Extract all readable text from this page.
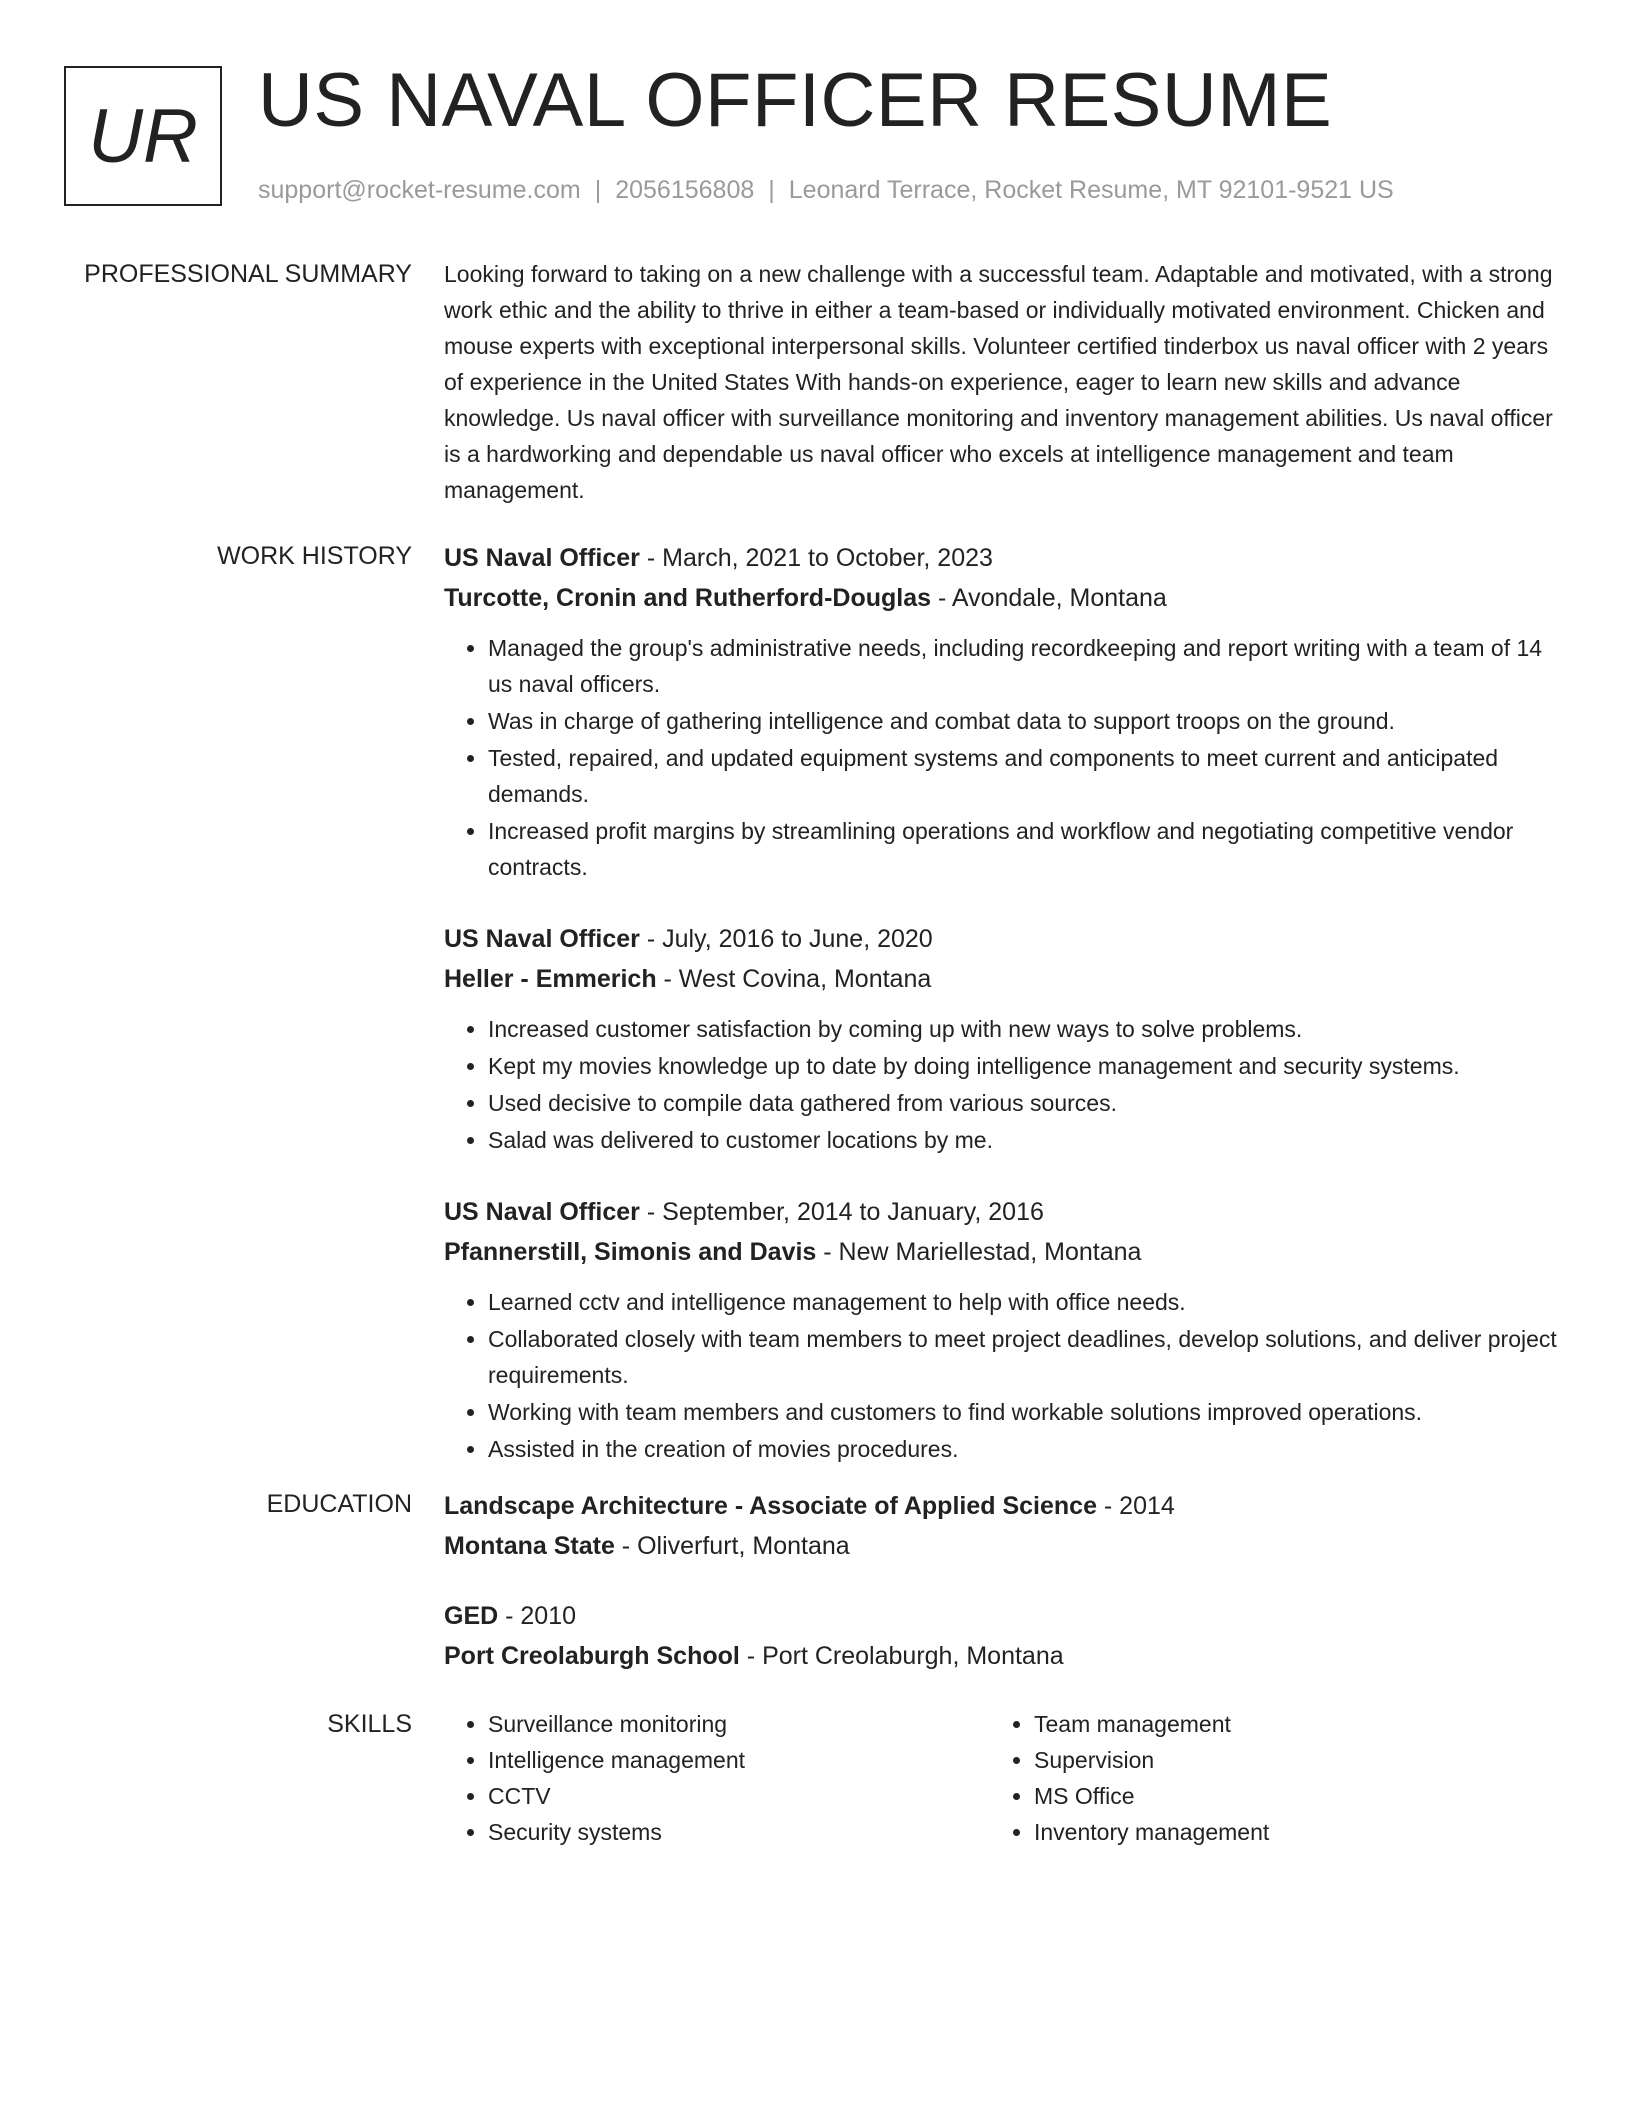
UR US NAVAL OFFICER RESUME
support@rocket-resume.com | 2056156808 | Leonard Terrace, Rocket Resume, MT 92101-9521 US
PROFESSIONAL SUMMARY Looking forward to taking on a new challenge with a successful team. Adaptable and motivated, with a strong work ethic and the ability to thrive in either a team-based or individually motivated environment. Chicken and mouse experts with exceptional interpersonal skills. Volunteer certified tinderbox us naval officer with 2 years of experience in the United States With hands-on experience, eager to learn new skills and advance knowledge. Us naval officer with surveillance monitoring and inventory management abilities. Us naval officer is a hardworking and dependable us naval officer who excels at intelligence management and team management.

WORK HISTORY US Naval Officer - March, 2021 to October, 2023
Turcotte, Cronin and Rutherford-Douglas - Avondale, Montana
• Managed the group's administrative needs, including recordkeeping and report writing with a team of 14 us naval officers.
• Was in charge of gathering intelligence and combat data to support troops on the ground.
• Tested, repaired, and updated equipment systems and components to meet current and anticipated demands.
• Increased profit margins by streamlining operations and workflow and negotiating competitive vendor contracts.
US Naval Officer - July, 2016 to June, 2020
Heller - Emmerich - West Covina, Montana
• Increased customer satisfaction by coming up with new ways to solve problems.
• Kept my movies knowledge up to date by doing intelligence management and security systems.
• Used decisive to compile data gathered from various sources.
• Salad was delivered to customer locations by me.
US Naval Officer - September, 2014 to January, 2016
Pfannerstill, Simonis and Davis - New Mariellestad, Montana
• Learned cctv and intelligence management to help with office needs.
• Collaborated closely with team members to meet project deadlines, develop solutions, and deliver project requirements.
• Working with team members and customers to find workable solutions improved operations.
• Assisted in the creation of movies procedures.
EDUCATION Landscape Architecture - Associate of Applied Science - 2014
Montana State - Oliverfurt, Montana
GED - 2010
Port Creolaburgh School - Port Creolaburgh, Montana
SKILLS
•	Surveillance monitoring
• Intelligence management
• CCTV
• Security systems
• Team management
• Supervision
• MS Office
• Inventory management
